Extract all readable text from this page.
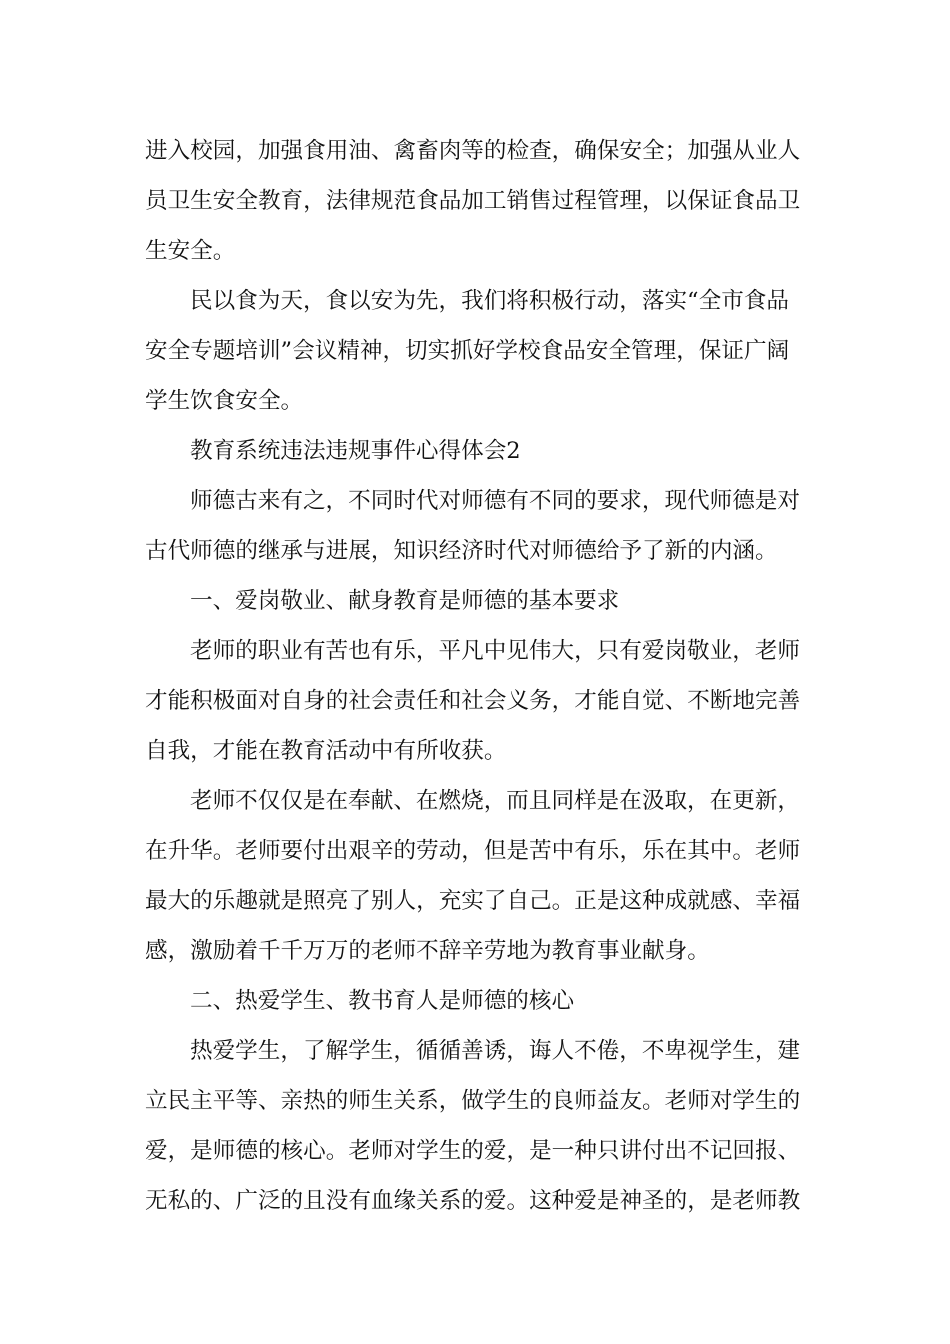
进入校园，加强食用油、禽畜肉等的检查，确保安全；加强从业人
员卫生安全教育，法律规范食品加工销售过程管理，以保证食品卫
生安全。
民以食为天，食以安为先，我们将积极行动，落实“全市食品
安全专题培训”会议精神，切实抓好学校食品安全管理，保证广阔
学生饮食安全。
教育系统违法违规事件心得体会2
师德古来有之，不同时代对师德有不同的要求，现代师德是对
古代师德的继承与进展，知识经济时代对师德给予了新的内涵。
一、爱岗敬业、献身教育是师德的基本要求
老师的职业有苦也有乐，平凡中见伟大，只有爱岗敬业，老师
才能积极面对自身的社会责任和社会义务，才能自觉、不断地完善
自我，才能在教育活动中有所收获。
老师不仅仅是在奉献、在燃烧，而且同样是在汲取，在更新，
在升华。老师要付出艰辛的劳动，但是苦中有乐，乐在其中。老师
最大的乐趣就是照亮了别人，充实了自己。正是这种成就感、幸福
感，激励着千千万万的老师不辞辛劳地为教育事业献身。
二、热爱学生、教书育人是师德的核心
热爱学生，了解学生，循循善诱，诲人不倦，不卑视学生，建
立民主平等、亲热的师生关系，做学生的良师益友。老师对学生的
爱，是师德的核心。老师对学生的爱，是一种只讲付出不记回报、
无私的、广泛的且没有血缘关系的爱。这种爱是神圣的，是老师教
